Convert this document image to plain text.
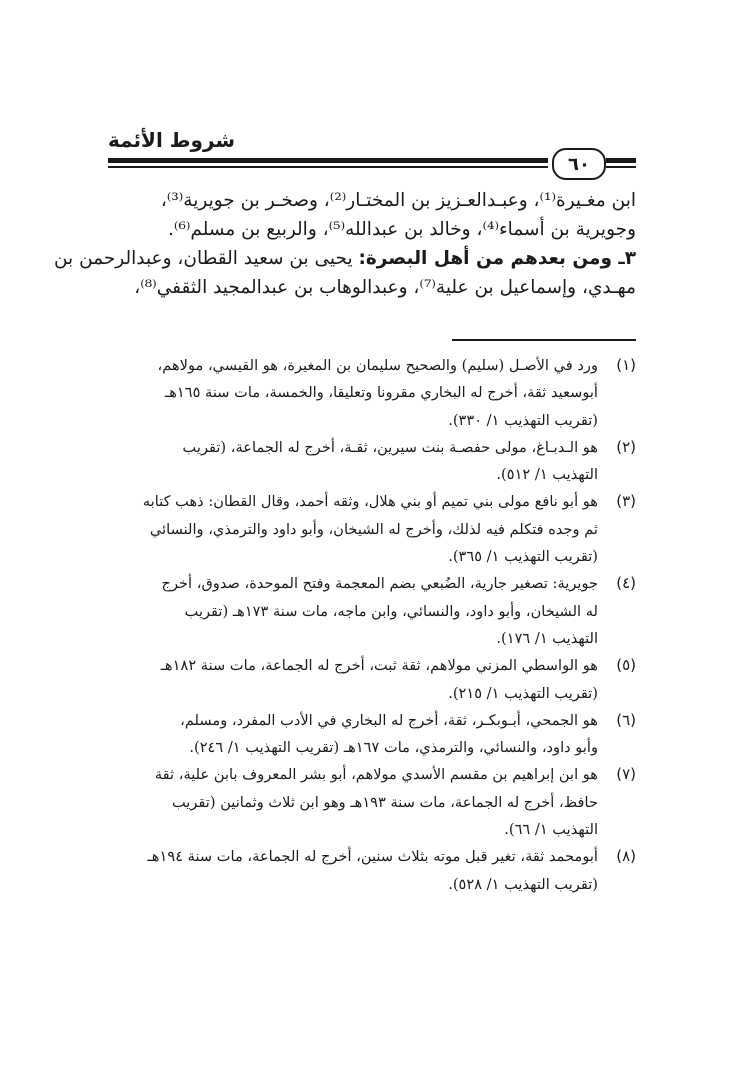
شروط الأئمة
٦٠
ابن مغـيرة⁽¹⁾، وعبـدالعـزيز بن المختـار⁽²⁾، وصخـر بن جويرية⁽³⁾،
وجويرية بن أسماء⁽⁴⁾، وخالد بن عبدالله⁽⁵⁾، والربيع بن مسلم⁽⁶⁾.
٣ـ ومن بعدهم من أهل البصرة: يحيى بن سعيد القطان، وعبدالرحمن بن
مهـدي، وإسماعيل بن علية⁽⁷⁾، وعبدالوهاب بن عبدالمجيد الثقفي⁽⁸⁾،
(١)
ورد في الأصـل (سليم) والصحيح سليمان بن المغيرة، هو القيسي، مولاهم،
أبوسعيد ثقة، أخرج له البخاري مقرونا وتعليقا، والخمسة، مات سنة ١٦٥هـ
(تقريب التهذيب ١/ ٣٣٠).
(٢)
هو الـدبـاغ، مولى حفصـة بنت سيرين، ثقـة، أخرج له الجماعة، (تقريب
التهذيب ١/ ٥١٢).
(٣)
هو أبو نافع مولى بني تميم أو بني هلال، وثقه أحمد، وقال القطان: ذهب كتابه
ثم وجده فتكلم فيه لذلك، وأخرج له الشيخان، وأبو داود والترمذي، والنسائي
(تقريب التهذيب ١/ ٣٦٥).
(٤)
جويرية: تصغير جارية، الضُبعي بضم المعجمة وفتح الموحدة، صدوق، أخرج
له الشيخان، وأبو داود، والنسائي، وابن ماجه، مات سنة ١٧٣هـ (تقريب
التهذيب ١/ ١٧٦).
(٥)
هو الواسطي المزني مولاهم، ثقة ثبت، أخرج له الجماعة، مات سنة ١٨٢هـ
(تقريب التهذيب ١/ ٢١٥).
(٦)
هو الجمحي، أبـوبكـر، ثقة، أخرج له البخاري في الأدب المفرد، ومسلم،
وأبو داود، والنسائي، والترمذي، مات ١٦٧هـ (تقريب التهذيب ١/ ٢٤٦).
(٧)
هو ابن إبراهيم بن مقسم الأسدي مولاهم، أبو بشر المعروف بابن علية، ثقة
حافظ، أخرج له الجماعة، مات سنة ١٩٣هـ وهو ابن ثلاث وثمانين (تقريب
التهذيب ١/ ٦٦).
(٨)
أبومحمد ثقة، تغير قبل موته بثلاث سنين، أخرج له الجماعة، مات سنة ١٩٤هـ
(تقريب التهذيب ١/ ٥٢٨).
